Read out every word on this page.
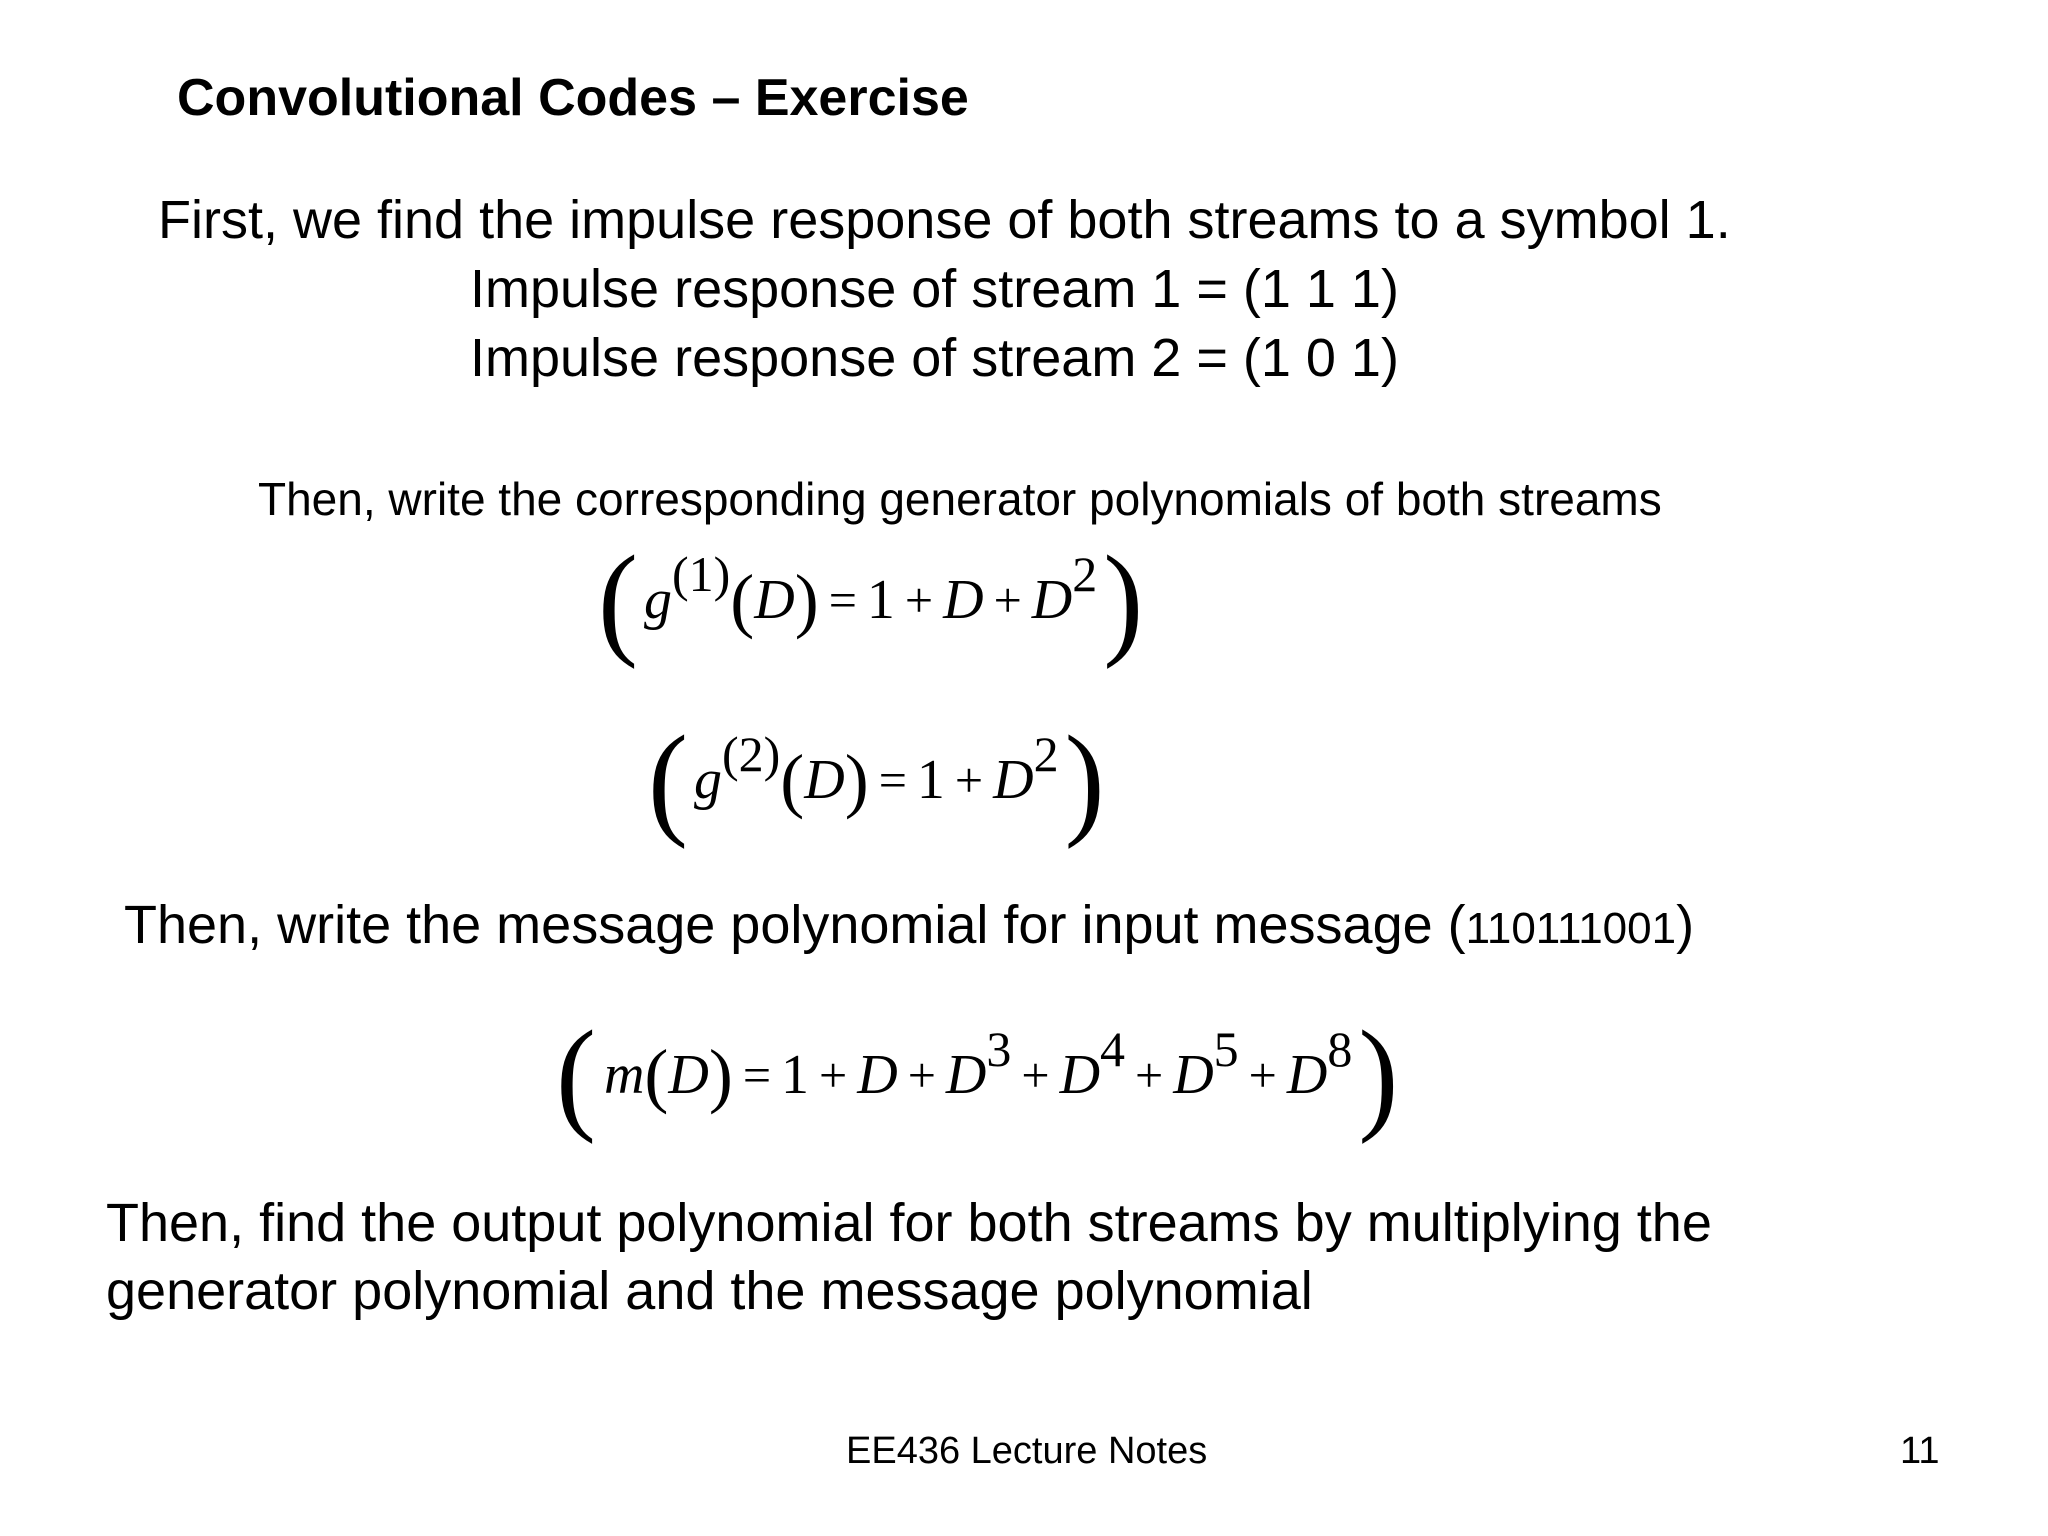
Convolutional Codes – Exercise
First, we find the impulse response of both streams to a symbol 1.
Impulse response of stream 1 = (1 1 1)
Impulse response of stream 2 = (1 0 1)
Then, write the corresponding generator polynomials of both streams
( g (1) ( D ) = 1 + D + D 2 )
( g (2) ( D ) = 1 + D 2 )
Then, write the message polynomial for input message (110111001)
( m ( D ) = 1 + D + D 3 + D 4 + D 5 + D 8 )
Then, find the output polynomial for both streams by multiplying the
generator polynomial and the message polynomial
EE436 Lecture Notes	11
